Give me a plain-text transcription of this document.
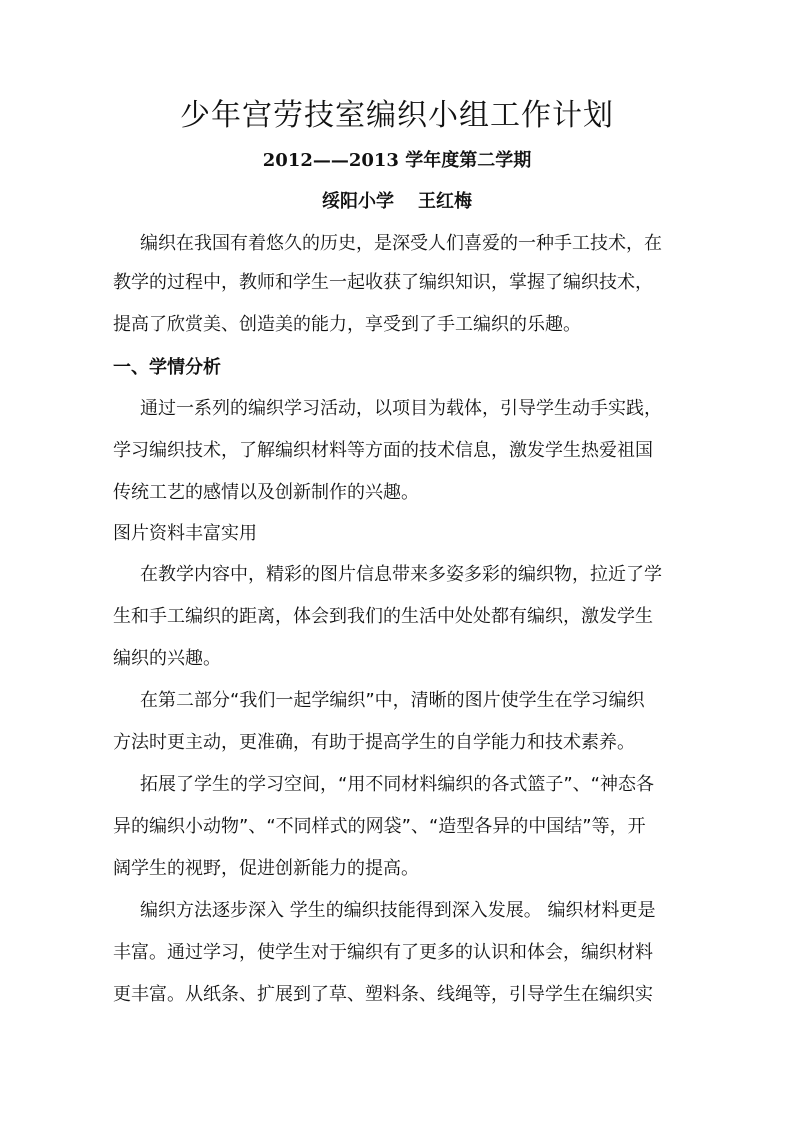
少年宫劳技室编织小组工作计划
2012——2013 学年度第二学期
绥阳小学 王红梅
编织在我国有着悠久的历史，是深受人们喜爱的一种手工技术，在
教学的过程中，教师和学生一起收获了编织知识，掌握了编织技术，
提高了欣赏美、创造美的能力，享受到了手工编织的乐趣。
一、学情分析
通过一系列的编织学习活动，以项目为载体，引导学生动手实践，
学习编织技术，了解编织材料等方面的技术信息，激发学生热爱祖国
传统工艺的感情以及创新制作的兴趣。
图片资料丰富实用
在教学内容中，精彩的图片信息带来多姿多彩的编织物，拉近了学
生和手工编织的距离，体会到我们的生活中处处都有编织，激发学生
编织的兴趣。
在第二部分“我们一起学编织”中，清晰的图片使学生在学习编织
方法时更主动，更准确，有助于提高学生的自学能力和技术素养。
拓展了学生的学习空间，“用不同材料编织的各式篮子”、“神态各
异的编织小动物”、“不同样式的网袋”、“造型各异的中国结”等，开
阔学生的视野，促进创新能力的提高。
编织方法逐步深入 学生的编织技能得到深入发展。 编织材料更是
丰富。通过学习，使学生对于编织有了更多的认识和体会，编织材料
更丰富。从纸条、扩展到了草、塑料条、线绳等，引导学生在编织实
